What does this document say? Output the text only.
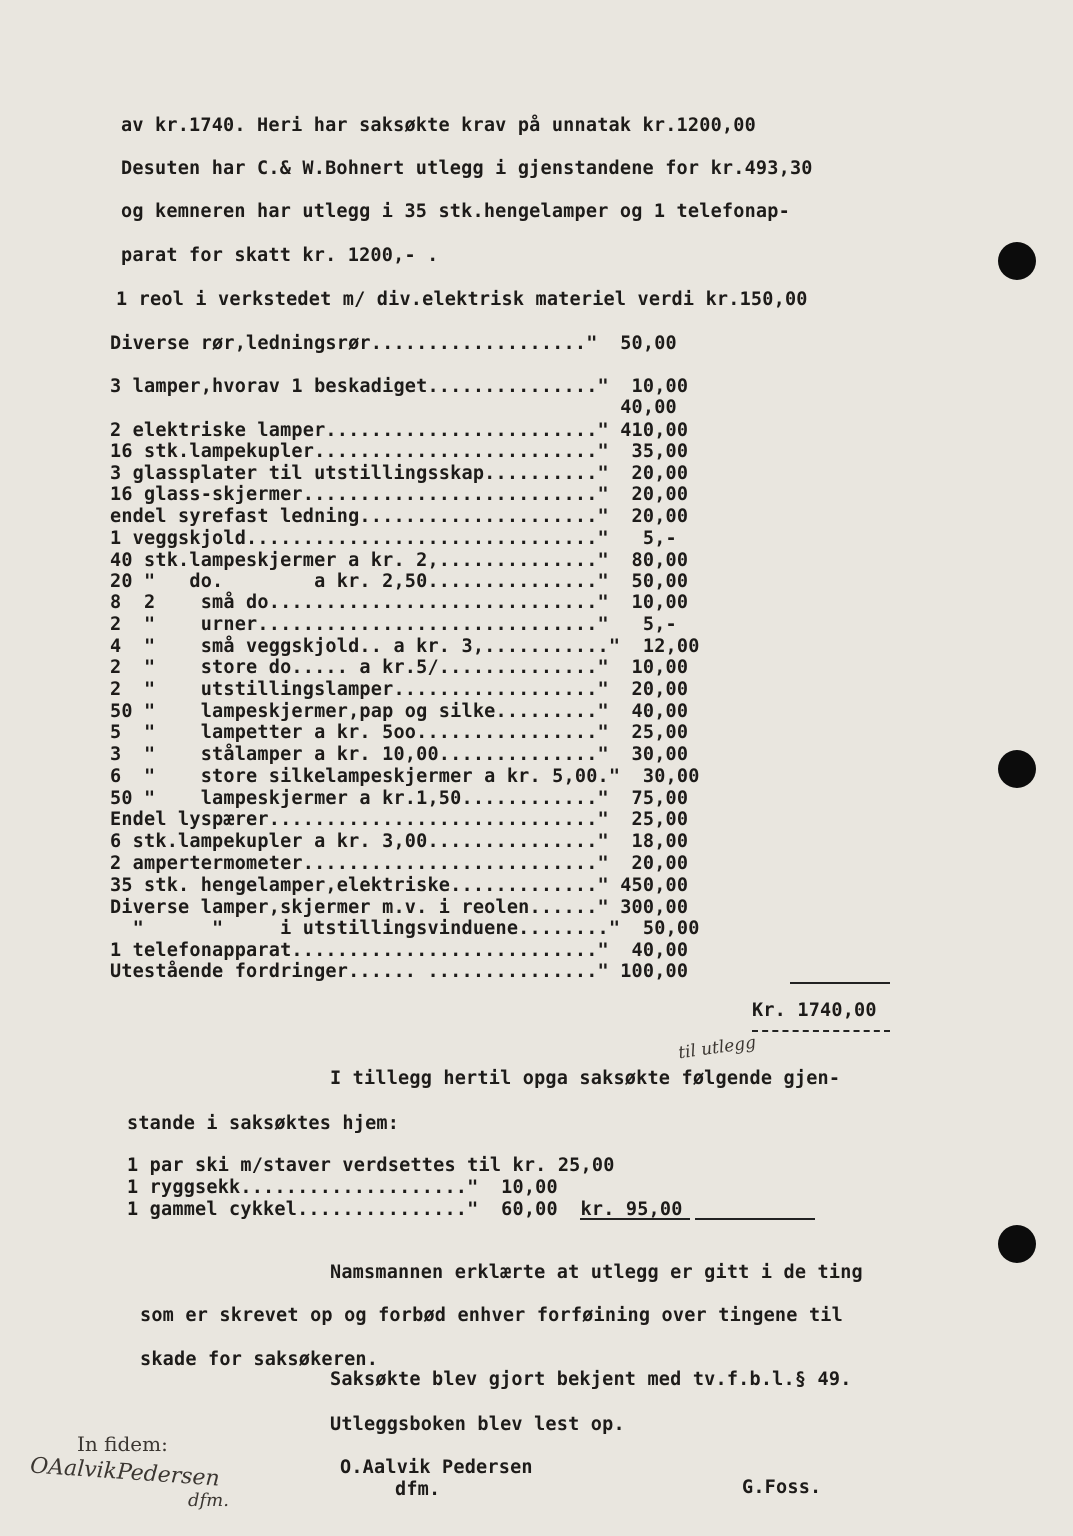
av kr.1740. Heri har saksøkte krav på unnatak kr.1200,00
Desuten har C.& W.Bohnert utlegg i gjenstandene for kr.493,30
og kemneren har utlegg i 35 stk.hengelamper og 1 telefonap-
parat for skatt kr. 1200,- .
1 reol i verkstedet m/ div.elektrisk materiel verdi kr.150,00
Diverse rør,ledningsrør..................."  50,00
3 lamper,hvorav 1 beskadiget..............."  10,00
40,00
2 elektriske lamper........................" 410,00
16 stk.lampekupler........................."  35,00
3 glassplater til utstillingsskap.........."  20,00
16 glass-skjermer.........................."  20,00
endel syrefast ledning....................."  20,00
1 veggskjold..............................."   5,-
40 stk.lampeskjermer a kr. 2,.............."  80,00
20 "   do.        a kr. 2,50..............."  50,00
8  2    små do............................."  10,00
2  "    urner.............................."   5,-
4  "    små veggskjold.. a kr. 3,..........."  12,00
2  "    store do..... a kr.5/.............."  10,00
2  "    utstillingslamper.................."  20,00
50 "    lampeskjermer,pap og silke........."  40,00
5  "    lampetter a kr. 5oo................"  25,00
3  "    stålamper a kr. 10,00.............."  30,00
6  "    store silkelampeskjermer a kr. 5,00."  30,00
50 "    lampeskjermer a kr.1,50............"  75,00
Endel lyspærer............................."  25,00
6 stk.lampekupler a kr. 3,00..............."  18,00
2 ampertermometer.........................."  20,00
35 stk. hengelamper,elektriske............." 450,00
Diverse lamper,skjermer m.v. i reolen......" 300,00
"      "     i utstillingsvinduene........"  50,00
1 telefonapparat..........................."  40,00
Utestående fordringer...... ..............." 100,00
Kr. 1740,00
til utlegg
I tillegg hertil opga saksøkte følgende gjen-
stande i saksøktes hjem:
1 par ski m/staver verdsettes til kr. 25,00
1 ryggsekk...................."  10,00
1 gammel cykkel..............."  60,00  kr. 95,00
Namsmannen erklærte at utlegg er gitt i de ting
som er skrevet op og forbød enhver forføining over tingene til
skade for saksøkeren.
Saksøkte blev gjort bekjent med tv.f.b.l.§ 49.
Utleggsboken blev lest op.
In fidem:
OAalvikPedersen
dfm.
O.Aalvik Pedersen
dfm.	G.Foss.
